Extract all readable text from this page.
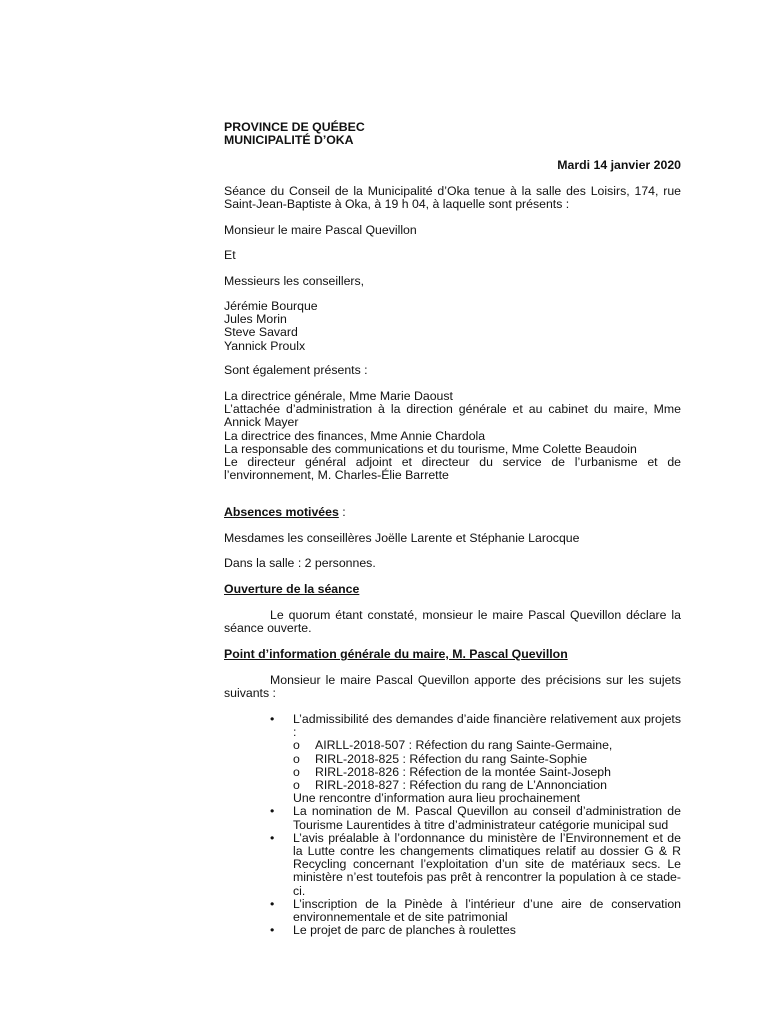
PROVINCE DE QUÉBEC
MUNICIPALITÉ D’OKA
Mardi 14 janvier 2020

Séance du Conseil de la Municipalité d’Oka tenue à la salle des Loisirs, 174, rue Saint-Jean-Baptiste à Oka, à 19 h 04, à laquelle sont présents :

Monsieur le maire Pascal Quevillon
Et
Messieurs les conseillers,
Jérémie Bourque
Jules Morin
Steve Savard
Yannick Proulx
Sont également présents :
La directrice générale, Mme Marie Daoust
L’attachée d’administration à la direction générale et au cabinet du maire, Mme Annick Mayer
La directrice des finances, Mme Annie Chardola
La responsable des communications et du tourisme, Mme Colette Beaudoin
Le directeur général adjoint et directeur du service de l’urbanisme et de l’environnement, M. Charles-Élie Barrette
Absences motivées :
Mesdames les conseillères Joëlle Larente et Stéphanie Larocque
Dans la salle : 2 personnes.
Ouverture de la séance

Le quorum étant constaté, monsieur le maire Pascal Quevillon déclare la séance ouverte.

Point d’information générale du maire, M. Pascal Quevillon

Monsieur le maire Pascal Quevillon apporte des précisions sur les sujets suivants :

• L’admissibilité des demandes d’aide financière relativement aux projets :
o AIRLL-2018-507 : Réfection du rang Sainte-Germaine,
o RIRL-2018-825 : Réfection du rang Sainte-Sophie
o RIRL-2018-826 : Réfection de la montée Saint-Joseph
o RIRL-2018-827 : Réfection du rang de L’Annonciation
Une rencontre d’information aura lieu prochainement
• La nomination de M. Pascal Quevillon au conseil d’administration de Tourisme Laurentides à titre d’administrateur catégorie municipal sud
• L’avis préalable à l’ordonnance du ministère de l’Environnement et de la Lutte contre les changements climatiques relatif au dossier G & R Recycling concernant l’exploitation d’un site de matériaux secs. Le ministère n’est toutefois pas prêt à rencontrer la population à ce stade-ci.
• L’inscription de la Pinède à l’intérieur d’une aire de conservation environnementale et de site patrimonial
• Le projet de parc de planches à roulettes
